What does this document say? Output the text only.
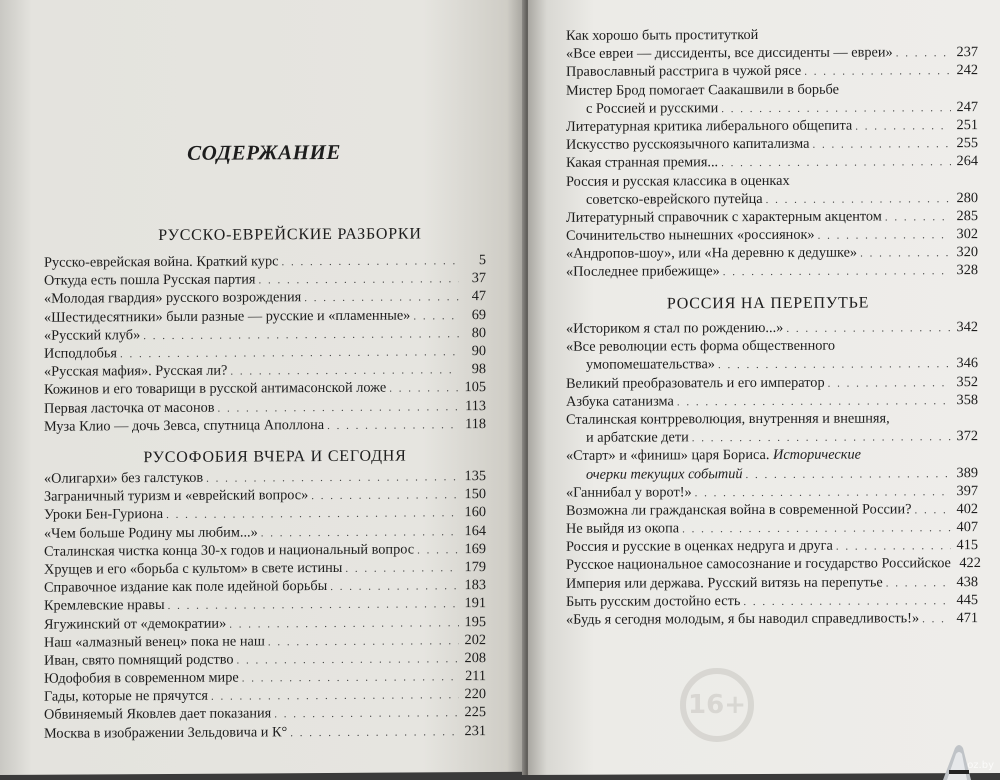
СОДЕРЖАНИЕ
РУССКО-ЕВРЕЙСКИЕ РАЗБОРКИ
Русско-еврейская война. Краткий курс . . .	5
Откуда есть пошла Русская партия . . .	37
«Молодая гвардия» русского возрождения . . .	47
«Шестидесятники» были разные — русские и «пламенные» . . .	69
«Русский клуб» . . .	80
Исподлобья . . .	90
«Русская мафия». Русская ли? . . .	98
Кожинов и его товарищи в русской антимасонской ложе . . .	105
Первая ласточка от масонов . . .	113
Муза Клио — дочь Зевса, спутница Аполлона . . .	118
РУСОФОБИЯ ВЧЕРА И СЕГОДНЯ
«Олигархи» без галстуков . . .	135
Заграничный туризм и «еврейский вопрос» . . .	150
Уроки Бен-Гуриона . . .	160
«Чем больше Родину мы любим...» . . .	164
Сталинская чистка конца 30-х годов и национальный вопрос . . .	169
Хрущев и его «борьба с культом» в свете истины . . .	179
Справочное издание как поле идейной борьбы . . .	183
Кремлевские нравы . . .	191
Ягужинский от «демократии» . . .	195
Наш «алмазный венец» пока не наш . . .	202
Иван, свято помнящий родство . . .	208
Юдофобия в современном мире . . .	211
Гады, которые не прячутся . . .	220
Обвиняемый Яковлев дает показания . . .	225
Москва в изображении Зельдовича и К° . . .	231
Как хорошо быть проституткой
«Все евреи — диссиденты, все диссиденты — евреи» . . .	237
Православный расстрига в чужой рясе . . .	242
Мистер Брод помогает Саакашвили в борьбе
с Россией и русскими . . .	247
Литературная критика либерального общепита . . .	251
Искусство русскоязычного капитализма . . .	255
Какая странная премия... . . .	264
Россия и русская классика в оценках
советско-еврейского путейца . . .	280
Литературный справочник с характерным акцентом . . .	285
Сочинительство нынешних «россиянок» . . .	302
«Андропов-шоу», или «На деревню к дедушке» . . .	320
«Последнее прибежище» . . .	328
РОССИЯ НА ПЕРЕПУТЬЕ
«Историком я стал по рождению...» . . .	342
«Все революции есть форма общественного
умопомешательства» . . .	346
Великий преобразователь и его император . . .	352
Азбука сатанизма . . .	358
Сталинская контрреволюция, внутренняя и внешняя,
и арбатские дети . . .	372
«Старт» и «финиш» царя Бориса. Исторические
очерки текущих событий . . .	389
«Ганнибал у ворот!» . . .	397
Возможна ли гражданская война в современной России? . . .	402
Не выйдя из окопа . . .	407
Россия и русские в оценках недруга и друга . . .	415
Русское национальное самосознание и государство Российское 422
Империя или держава. Русский витязь на перепутье . . .	438
Быть русским достойно есть . . .	445
«Будь я сегодня молодым, я бы наводил справедливость!» . . .	471
16+
oz.by
